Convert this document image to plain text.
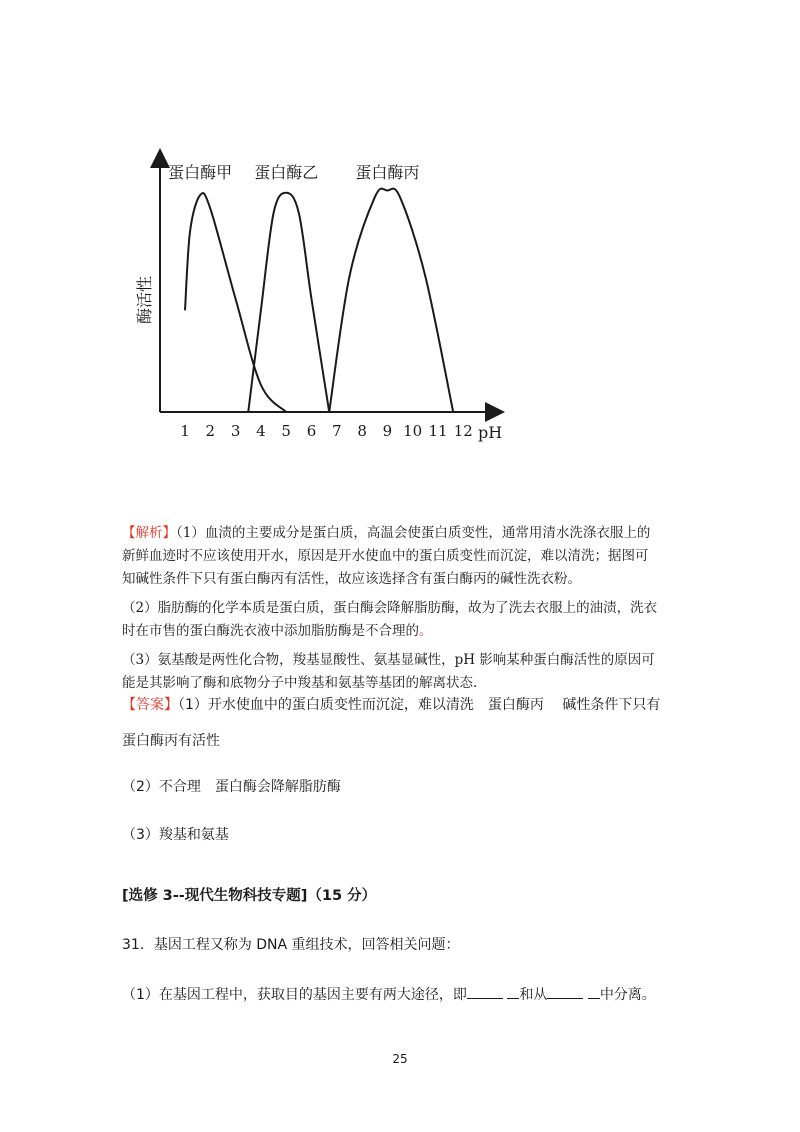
酶活性
蛋白酶甲 蛋白酶乙 蛋白酶丙
1 2 3 4 5 6 7 8 9 10 11 12 pH
【解析】（1）血渍的主要成分是蛋白质，高温会使蛋白质变性，通常用清水洗涤衣服上的
新鲜血迹时不应该使用开水，原因是开水使血中的蛋白质变性而沉淀，难以清洗；据图可
知碱性条件下只有蛋白酶丙有活性，故应该选择含有蛋白酶丙的碱性洗衣粉。
（2）脂肪酶的化学本质是蛋白质，蛋白酶会降解脂肪酶，故为了洗去衣服上的油渍，洗衣
时在市售的蛋白酶洗衣液中添加脂肪酶是不合理的。
（3）氨基酸是两性化合物，羧基显酸性、氨基显碱性，pH 影响某种蛋白酶活性的原因可
能是其影响了酶和底物分子中羧基和氨基等基团的解离状态.
【答案】（1）开水使血中的蛋白质变性而沉淀，难以清洗　蛋白酶丙　 碱性条件下只有
蛋白酶丙有活性
（2）不合理　蛋白酶会降解脂肪酶
（3）羧基和氨基
[选修 3--现代生物科技专题]（15 分）
31．基因工程又称为 DNA 重组技术，回答相关问题：
（1）在基因工程中，获取目的基因主要有两大途径，即	和从	中分离。
25
